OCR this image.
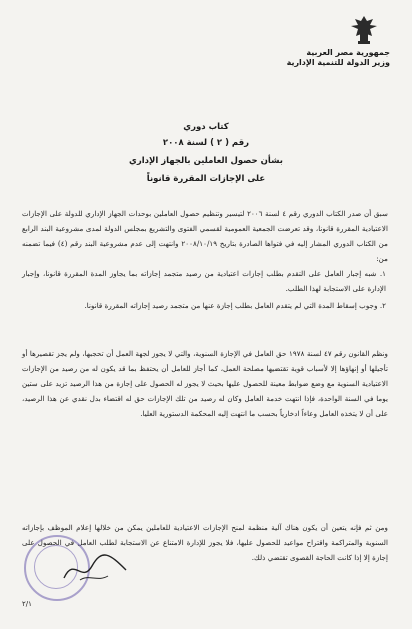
جمهورية مصر العربية
وزير الدولة للتنمية الإدارية
كتاب دوري
رقم ( ٢ ) لسنة ٢٠٠٨
بشأن حصول العاملين بالجهاز الإداري
على الإجازات المقررة قانوناً
سبق أن صدر الكتاب الدوري رقم ٤ لسنة ٢٠٠٦ لتيسير وتنظيم حصول العاملين بوحدات الجهاز الإداري للدولة على الإجازات الاعتيادية المقررة قانونا، وقد تعرضت الجمعية العمومية لقسمي الفتوى والتشريع بمجلس الدولة لمدى مشروعية البند الرابع من الكتاب الدوري المشار إليه في فتواها الصادرة بتاريخ ٢٠٠٨/١٠/١٩ وانتهت إلى عدم مشروعية البند رقم (٤) فيما تضمنه من:
١. شبه إجبار العامل على التقدم بطلب إجازات اعتيادية من رصيد متجمد إجازاته بما يجاوز المدة المقررة قانونا، وإجبار الإدارة على الاستجابة لهذا الطلب.
٢. وجوب إسقاط المدة التي لم يتقدم العامل بطلب إجازة عنها من متجمد رصيد إجازاته المقررة قانونا.
ونظم القانون رقم ٤٧ لسنة ١٩٧٨ حق العامل في الإجازة السنوية، والتي لا يجوز لجهة العمل أن تحجبها، ولم يجز تقصيرها أو تأجيلها أو إنهاؤها إلا لأسباب قوية تقتضيها مصلحة العمل، كما أجاز للعامل أن يحتفظ بما قد يكون له من رصيد من الإجازات الاعتيادية السنوية مع وضع ضوابط معينة للحصول عليها بحيث لا يجوز له الحصول على إجازة من هذا الرصيد تزيد على ستين يوما في السنة الواحدة، فإذا انتهت خدمة العامل وكان له رصيد من تلك الإجازات حق له اقتضاء بدل نقدي عن هذا الرصيد، على أن لا يتخذه العامل وعاءاً ادخارياً بحسب ما انتهت إليه المحكمة الدستورية العليا.
ومن ثم فإنه يتعين أن يكون هناك آلية منظمة لمنح الإجازات الاعتيادية للعاملين يمكن من خلالها إعلام الموظف بإجازاته السنوية والمتراكمة واقتراح مواعيد للحصول عليها، فلا يجوز للإدارة الامتناع عن الاستجابة لطلب العامل في الحصول على إجازة إلا إذا كانت الحاجة القصوى تقتضي ذلك.
٢/١
